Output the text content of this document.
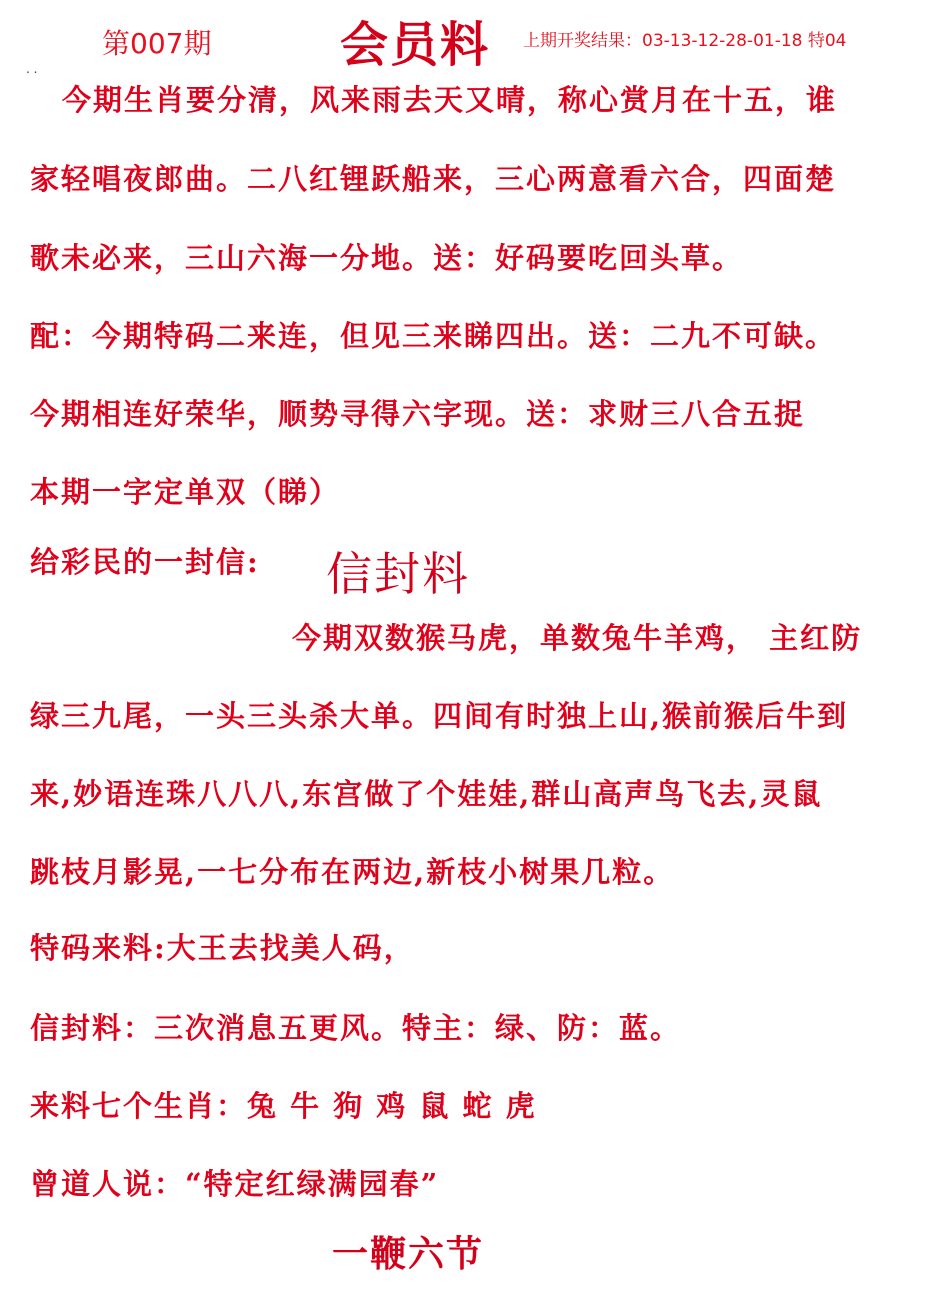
第007期	会员料 上期开奖结果：03-13-12-28-01-18 特04
. .
今期生肖要分清，风来雨去天又晴，称心赏月在十五，谁
家轻唱夜郎曲。二八红锂跃船来，三心两意看六合，四面楚
歌未必来，三山六海一分地。送：好码要吃回头草。
配：今期特码二来连，但见三来睇四出。送：二九不可缺。
今期相连好荣华，顺势寻得六字现。送：求财三八合五捉
本期一字定单双（睇）
给彩民的一封信: 信封料
今期双数猴马虎，单数兔牛羊鸡， 主红防
绿三九尾，一头三头杀大单。四间有时独上山,猴前猴后牛到
来,妙语连珠八八八,东宫做了个娃娃,群山高声鸟飞去,灵鼠
跳枝月影晃,一七分布在两边,新枝小树果几粒。
特码来料:大王去找美人码，
信封料：三次消息五更风。特主：绿、防：蓝。
来料七个生肖：兔 牛 狗 鸡 鼠 蛇 虎
曾道人说：“特定红绿满园春”
一鞭六节
